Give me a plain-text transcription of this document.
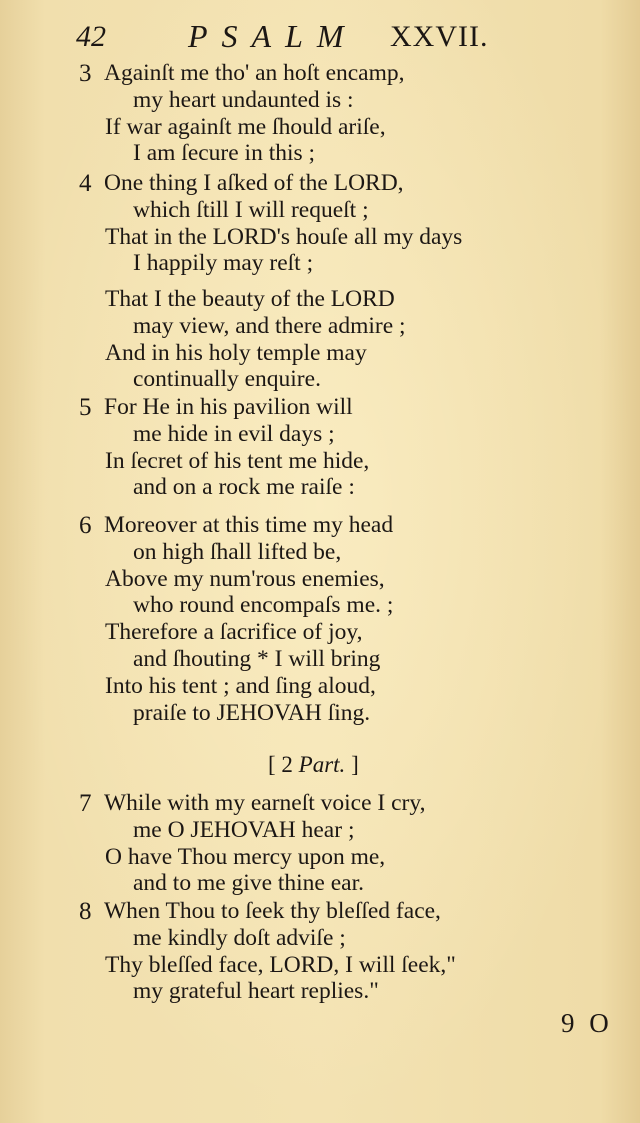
42	PSALM XXVII.
3 Againſt me tho' an hoſt encamp,
my heart undaunted is :
If war againſt me ſhould ariſe,
I am ſecure in this ;
4 One thing I aſked of the LORD,
which ſtill I will requeſt ;
That in the LORD's houſe all my days
I happily may reſt ;
That I the beauty of the LORD
may view, and there admire ;
And in his holy temple may
continually enquire.
5 For He in his pavilion will
me hide in evil days ;
In ſecret of his tent me hide,
and on a rock me raiſe :
6 Moreover at this time my head
on high ſhall lifted be,
Above my num'rous enemies,
who round encompaſs me. ;
Therefore a ſacrifice of joy,
and ſhouting * I will bring
Into his tent ; and ſing aloud,
praiſe to JEHOVAH ſing.
[ 2 Part. ]
7 While with my earneſt voice I cry,
me O JEHOVAH hear ;
O have Thou mercy upon me,
and to me give thine ear.
8 When Thou to ſeek thy bleſſed face,
me kindly doſt adviſe ;
Thy bleſſed face, LORD, I will ſeek,"
my grateful heart replies."
9 O
